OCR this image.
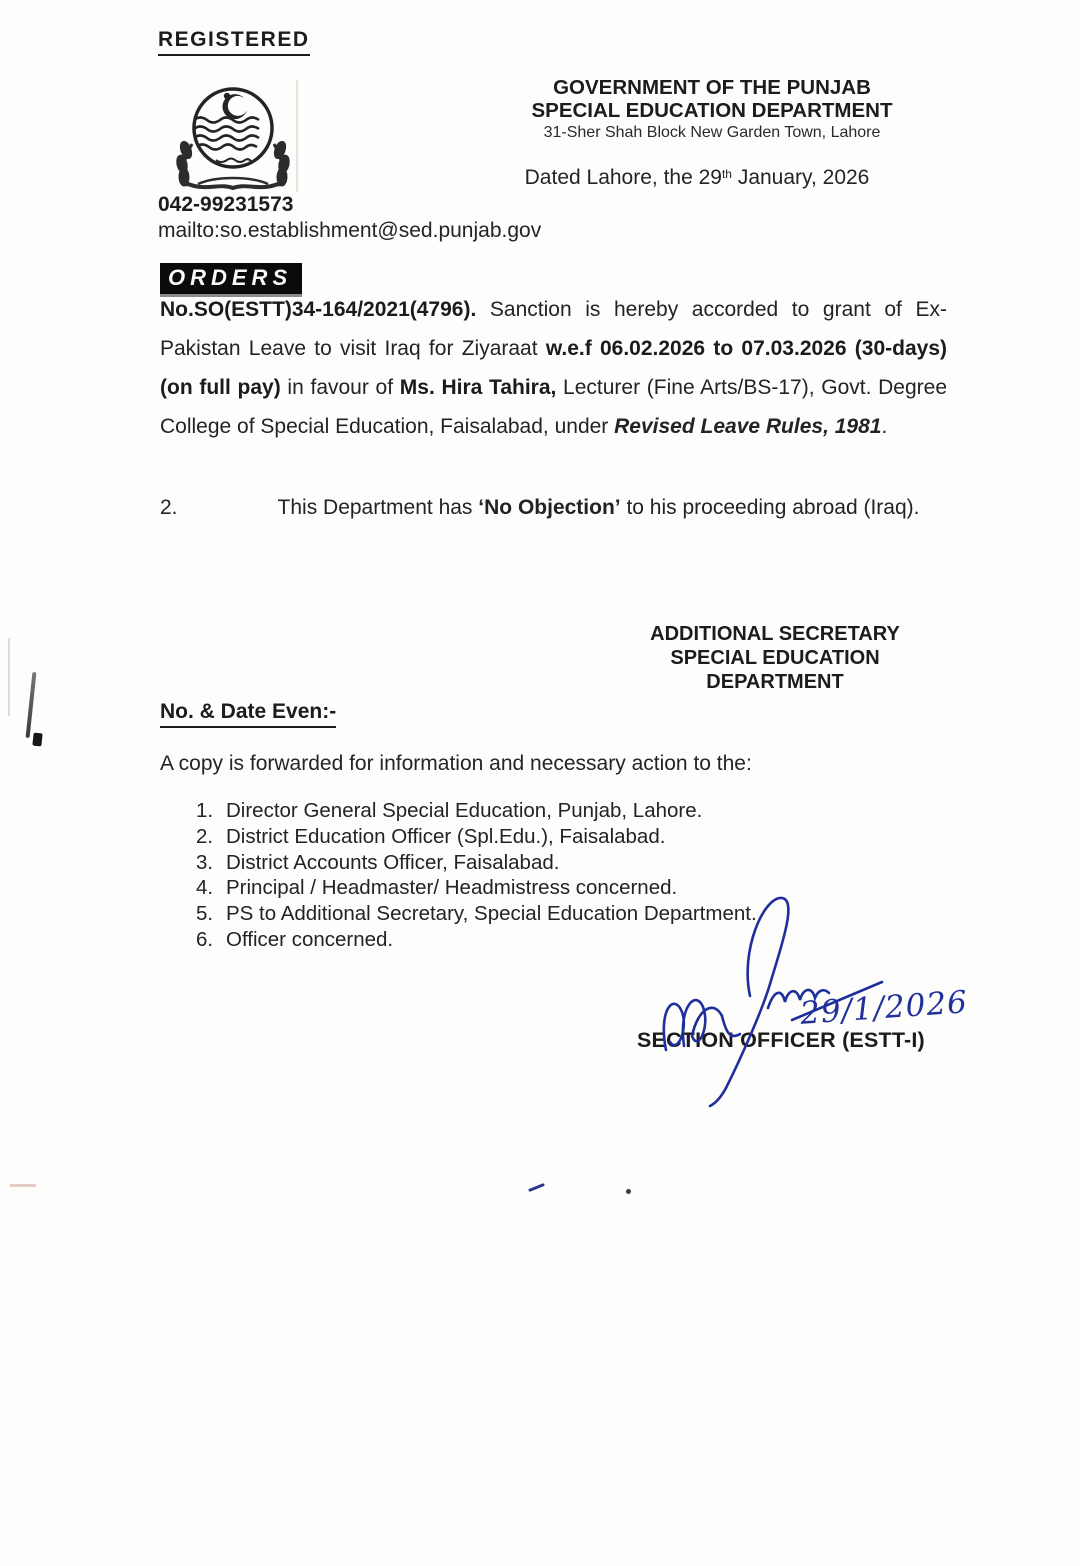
REGISTERED
042-99231573
mailto:so.establishment@sed.punjab.gov
GOVERNMENT OF THE PUNJAB
SPECIAL EDUCATION DEPARTMENT
31-Sher Shah Block New Garden Town, Lahore
Dated Lahore, the 29th January, 2026
ORDERS

No.SO(ESTT)34-164/2021(4796). Sanction is hereby accorded to grant of Ex-Pakistan Leave to visit Iraq for Ziyaraat w.e.f 06.02.2026 to 07.03.2026 (30-days) (on full pay) in favour of Ms. Hira Tahira, Lecturer (Fine Arts/BS-17), Govt. Degree College of Special Education, Faisalabad, under Revised Leave Rules, 1981.

2.	This Department has ‘No Objection’ to his proceeding abroad (Iraq).

ADDITIONAL SECRETARY
SPECIAL EDUCATION
DEPARTMENT
No. & Date Even:-
A copy is forwarded for information and necessary action to the:
Director General Special Education, Punjab, Lahore.
District Education Officer (Spl.Edu.), Faisalabad.
District Accounts Officer, Faisalabad.
Principal / Headmaster/ Headmistress concerned.
PS to Additional Secretary, Special Education Department.
Officer concerned.
29/1/2026
SECTION OFFICER (ESTT-I)
